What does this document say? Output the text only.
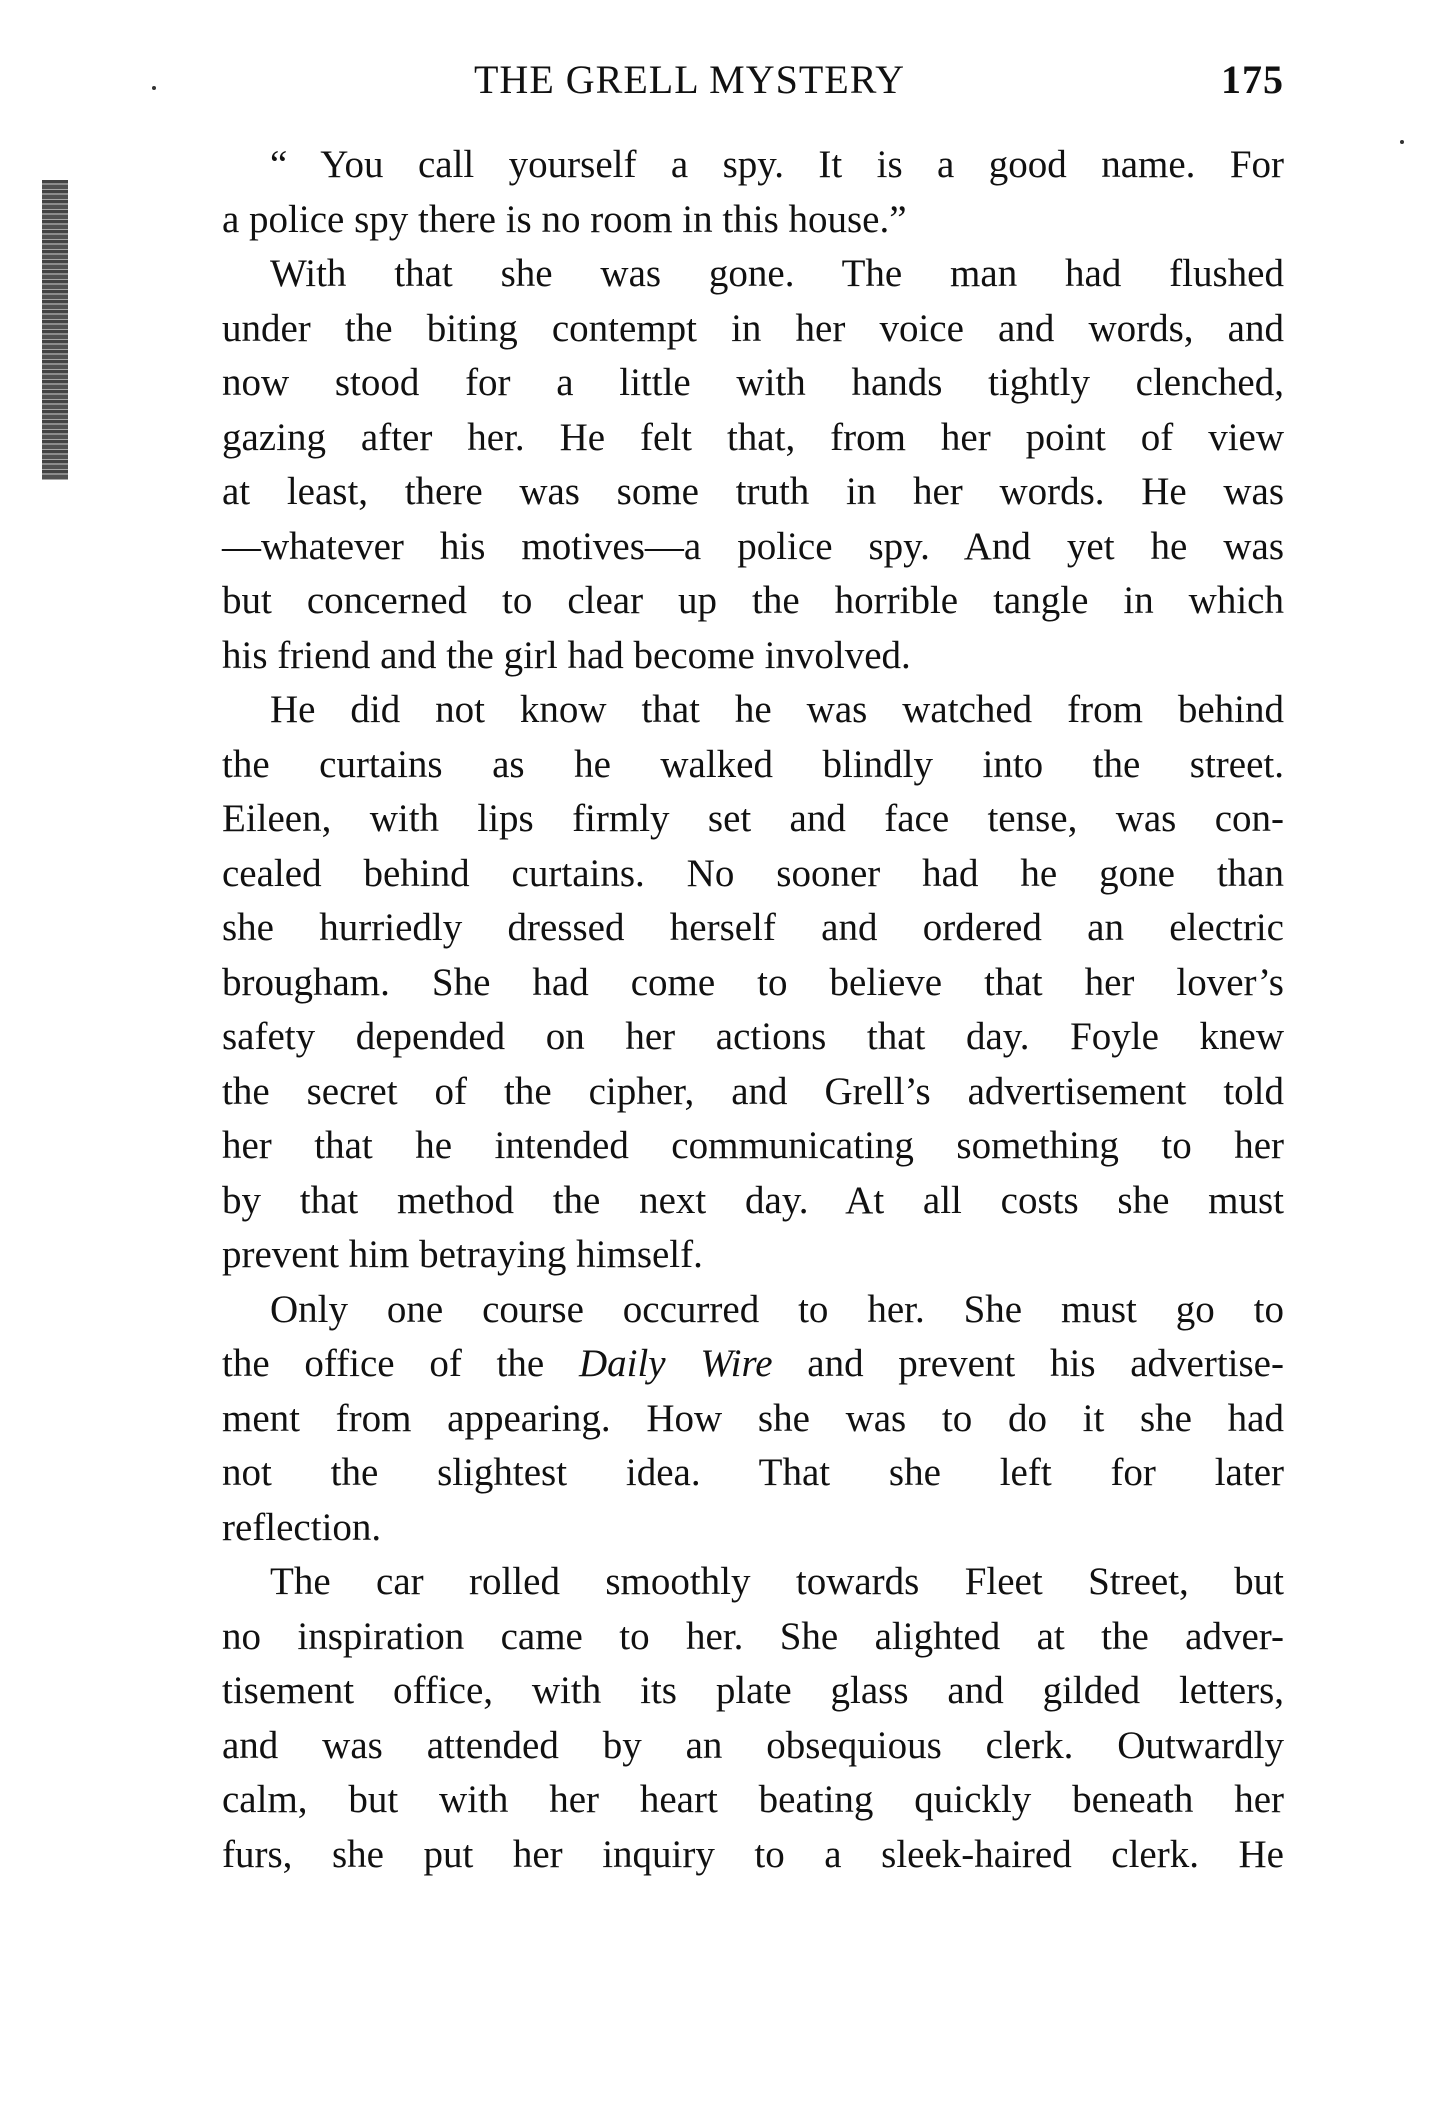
THE GRELL MYSTERY	175
“ You call yourself a spy. It is a good name. For
a police spy there is no room in this house.”
With that she was gone. The man had flushed
under the biting contempt in her voice and words, and
now stood for a little with hands tightly clenched,
gazing after her. He felt that, from her point of view
at least, there was some truth in her words. He was
—whatever his motives—a police spy. And yet he was
but concerned to clear up the horrible tangle in which
his friend and the girl had become involved.
He did not know that he was watched from behind
the curtains as he walked blindly into the street.
Eileen, with lips firmly set and face tense, was con-
cealed behind curtains. No sooner had he gone than
she hurriedly dressed herself and ordered an electric
brougham. She had come to believe that her lover’s
safety depended on her actions that day. Foyle knew
the secret of the cipher, and Grell’s advertisement told
her that he intended communicating something to her
by that method the next day. At all costs she must
prevent him betraying himself.
Only one course occurred to her. She must go to
the office of the Daily Wire and prevent his advertise-
ment from appearing. How she was to do it she had
not the slightest idea. That she left for later
reflection.
The car rolled smoothly towards Fleet Street, but
no inspiration came to her. She alighted at the adver-
tisement office, with its plate glass and gilded letters,
and was attended by an obsequious clerk. Outwardly
calm, but with her heart beating quickly beneath her
furs, she put her inquiry to a sleek-haired clerk. He
